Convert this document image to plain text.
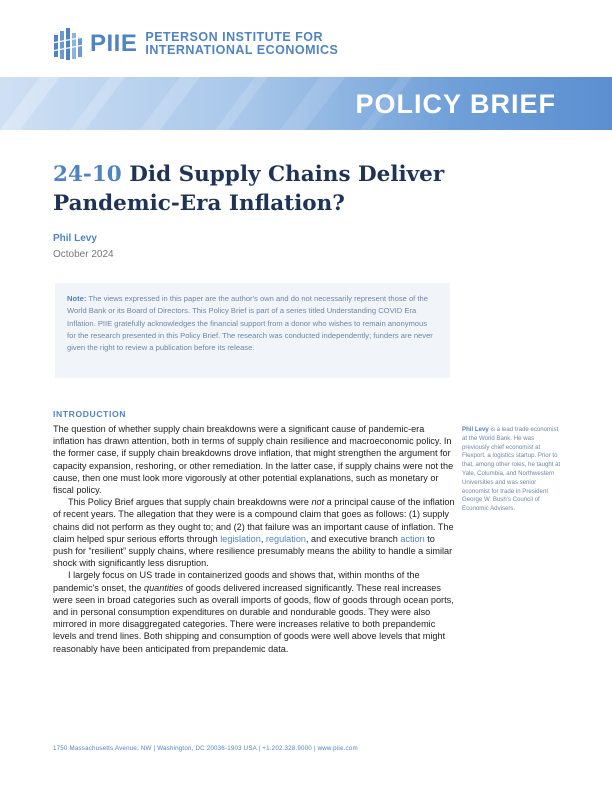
PIIE PETERSON INSTITUTE FOR
INTERNATIONAL ECONOMICS
POLICY BRIEF
24-10 Did Supply Chains Deliver Pandemic-Era Inflation?
Phil Levy
October 2024
Note: The views expressed in this paper are the author's own and do not necessarily represent those of the World Bank or its Board of Directors. This Policy Brief is part of a series titled Understanding COVID Era Inflation. PIIE gratefully acknowledges the financial support from a donor who wishes to remain anonymous for the research presented in this Policy Brief. The research was conducted independently; funders are never given the right to review a publication before its release.
INTRODUCTION

The question of whether supply chain breakdowns were a significant cause of pandemic-era inflation has drawn attention, both in terms of supply chain resilience and macroeconomic policy. In the former case, if supply chain breakdowns drove inflation, that might strengthen the argument for capacity expansion, reshoring, or other remediation. In the latter case, if supply chains were not the cause, then one must look more vigorously at other potential explanations, such as monetary or fiscal policy.

This Policy Brief argues that supply chain breakdowns were not a principal cause of the inflation of recent years. The allegation that they were is a compound claim that goes as follows: (1) supply chains did not perform as they ought to; and (2) that failure was an important cause of inflation. The claim helped spur serious efforts through legislation, regulation, and executive branch action to push for “resilient” supply chains, where resilience presumably means the ability to handle a similar shock with significantly less disruption.

I largely focus on US trade in containerized goods and shows that, within months of the pandemic's onset, the quantities of goods delivered increased significantly. These real increases were seen in broad categories such as overall imports of goods, flow of goods through ocean ports, and in personal consumption expenditures on durable and nondurable goods. They were also mirrored in more disaggregated categories. There were increases relative to both prepandemic levels and trend lines. Both shipping and consumption of goods were well above levels that might reasonably have been anticipated from prepandemic data.

Phil Levy is a lead trade economist at the World Bank. He was previously chief economist at Flexport, a logistics startup. Prior to that, among other roles, he taught at Yale, Columbia, and Northwestern Universities and was senior economist for trade in President George W. Bush's Council of Economic Advisers.
1750 Massachusetts Avenue, NW | Washington, DC 20036-1903 USA | +1.202.328.9000 | www.piie.com
